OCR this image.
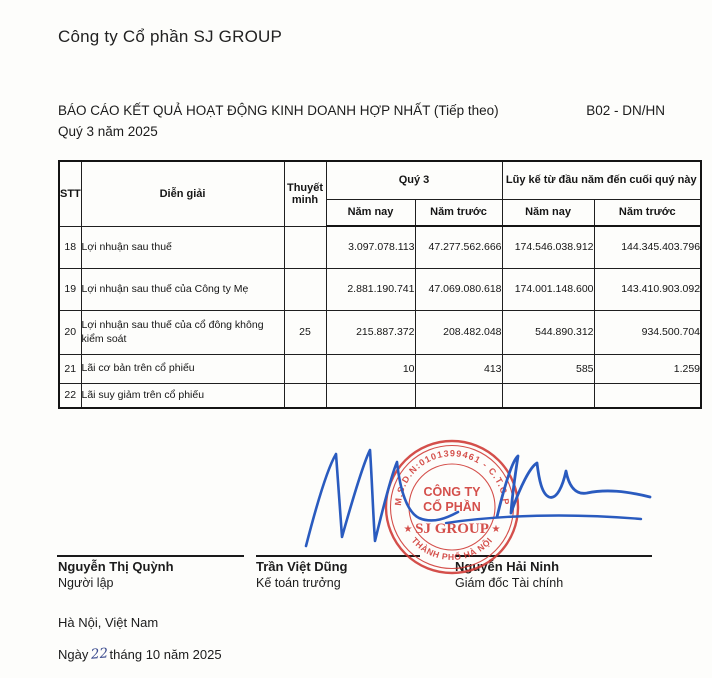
Công ty Cổ phần SJ GROUP
BÁO CÁO KẾT QUẢ HOẠT ĐỘNG KINH DOANH HỢP NHẤT (Tiếp theo)	B02 - DN/HN
Quý 3 năm 2025
STT	Diễn giải	Thuyết minh	Quý 3		Lũy kế từ đầu năm đến cuối quý này	
			Năm nay	Năm trước	Năm nay	Năm trước
18	Lợi nhuận sau thuế		3.097.078.113	47.277.562.666	174.546.038.912	144.345.403.796
19	Lợi nhuận sau thuế của Công ty Mẹ		2.881.190.741	47.069.080.618	174.001.148.600	143.410.903.092
20	Lợi nhuận sau thuế của cổ đông không kiểm soát	25	215.887.372	208.482.048	544.890.312	934.500.704
21	Lãi cơ bản trên cổ phiếu		10	413	585	1.259
22	Lãi suy giảm trên cổ phiếu					
Nguyễn Thị Quỳnh
Người lập
Trần Việt Dũng
Kế toán trưởng
Nguyễn Hải Ninh
Giám đốc Tài chính
Hà Nội, Việt Nam
Ngày 22tháng 10 năm 2025
M.S.D.N:0101399461 - C.T.C.P
THÀNH PHỐ HÀ NỘI
CÔNG TY
CỔ PHẦN
SJ GROUP
★	★
